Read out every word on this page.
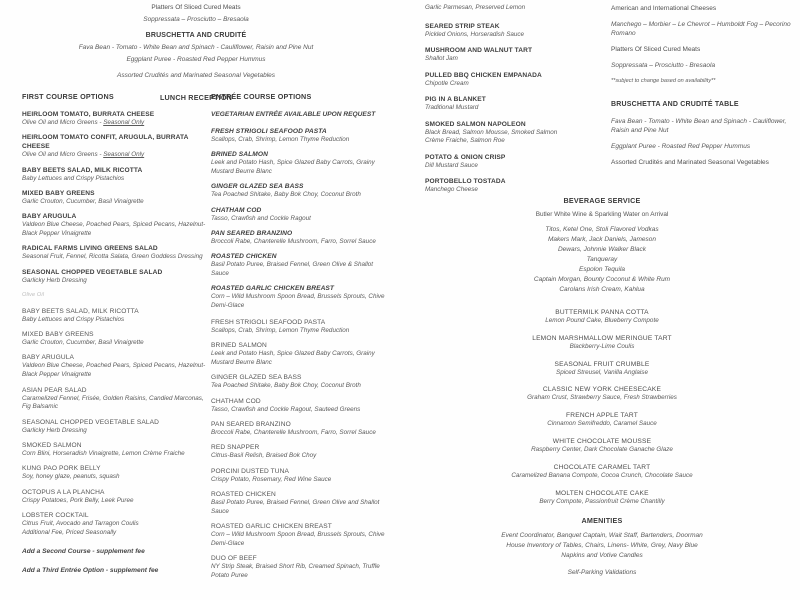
Platters Of Sliced Cured Meats
Soppressata – Prosciutto – Bresaola
BRUSCHETTA AND CRUDITÉ
Fava Bean - Tomato - White Bean and Spinach - Cauliflower, Raisin and Pine Nut
Eggplant Puree - Roasted Red Pepper Hummus
Assorted Crudités and Marinated Seasonal Vegetables
LUNCH RECEPTION
Garlic Parmesan, Preserved Lemon
SEARED STRIP STEAK
Pickled Onions, Horseradish Sauce
MUSHROOM AND WALNUT TART
Shallot Jam
PULLED BBQ CHICKEN EMPANADA
Chipotle Cream
PIG IN A BLANKET
Traditional Mustard
SMOKED SALMON NAPOLEON
Black Bread, Salmon Mousse, Smoked Salmon Crème Fraiche, Salmon Roe
POTATO & ONION CRISP
Dill Mustard Sauce
PORTOBELLO TOSTADA
Manchego Cheese
American and International Cheeses
Manchego – Morbier – Le Chevrot – Humboldt Fog – Pecorino Romano
Platters Of Sliced Cured Meats
Soppressata – Prosciutto - Bresaola
**subject to change based on availability**
BRUSCHETTA AND CRUDITÉ TABLE
Fava Bean - Tomato - White Bean and Spinach - Cauliflower, Raisin and Pine Nut
Eggplant Puree - Roasted Red Pepper Hummus
Assorted Crudités and Marinated Seasonal Vegetables
FIRST COURSE OPTIONS
HEIRLOOM TOMATO, BURRATA CHEESE
Olive Oil and Micro Greens - Seasonal Only
HEIRLOOM TOMATO CONFIT, ARUGULA, BURRATA CHEESE
Olive Oil and Micro Greens - Seasonal Only
BABY BEETS SALAD, MILK RICOTTA
Baby Lettuces and Crispy Pistachios
MIXED BABY GREENS
Garlic Crouton, Cucumber, Basil Vinaigrette
BABY ARUGULA
Valdeon Blue Cheese, Poached Pears, Spiced Pecans, Hazelnut-Black Pepper Vinaigrette
RADICAL FARMS LIVING GREENS SALAD
Seasonal Fruit, Fennel, Ricotta Salata, Green Goddess Dressing
SEASONAL CHOPPED VEGETABLE SALAD
Garlicky Herb Dressing
Olive Oil
BABY BEETS SALAD, MILK RICOTTA
Baby Lettuces and Crispy Pistachios
MIXED BABY GREENS
Garlic Crouton, Cucumber, Basil Vinaigrette
BABY ARUGULA
Valdeon Blue Cheese, Poached Pears, Spiced Pecans, Hazelnut-Black Pepper Vinaigrette
ASIAN PEAR SALAD
Caramelized Fennel, Frisée, Golden Raisins, Candied Marconas, Fig Balsamic
SEASONAL CHOPPED VEGETABLE SALAD
Garlicky Herb Dressing
SMOKED SALMON
Corn Blini, Horseradish Vinaigrette, Lemon Crème Fraiche
KUNG PAO PORK BELLY
Soy, honey glaze, peanuts, squash
OCTOPUS A LA PLANCHA
Crispy Potatoes, Pork Belly, Leek Puree
LOBSTER COCKTAIL
Citrus Fruit, Avocado and Tarragon Coulis
Additional Fee, Priced Seasonally
Add a Second Course - supplement fee
Add a Third Entrée Option - supplement fee
ENTRÉE COURSE OPTIONS
VEGETARIAN ENTRÉE AVAILABLE UPON REQUEST
FRESH STRIGOLI SEAFOOD PASTA
Scallops, Crab, Shrimp, Lemon Thyme Reduction
BRINED SALMON
Leek and Potato Hash, Spice Glazed Baby Carrots, Grainy Mustard Beurre Blanc
GINGER GLAZED SEA BASS
Tea Poached Shitake, Baby Bok Choy, Coconut Broth
CHATHAM COD
Tasso, Crawfish and Cockle Ragout
PAN SEARED BRANZINO
Broccoli Rabe, Chanterelle Mushroom, Farro, Sorrel Sauce
ROASTED CHICKEN
Basil Potato Puree, Braised Fennel, Green Olive & Shallot Sauce
ROASTED GARLIC CHICKEN BREAST
Corn – Wild Mushroom Spoon Bread, Brussels Sprouts, Chive Demi-Glace
FRESH STRIGOLI SEAFOOD PASTA
Scallops, Crab, Shrimp, Lemon Thyme Reduction
BRINED SALMON
Leek and Potato Hash, Spice Glazed Baby Carrots, Grainy Mustard Beurre Blanc
GINGER GLAZED SEA BASS
Tea Poached Shitake, Baby Bok Choy, Coconut Broth
CHATHAM COD
Tasso, Crawfish and Cockle Ragout, Sauteed Greens
PAN SEARED BRANZINO
Broccoli Rabe, Chanterelle Mushroom, Farro, Sorrel Sauce
RED SNAPPER
Citrus-Basil Relish, Braised Bok Choy
PORCINI DUSTED TUNA
Crispy Potato, Rosemary, Red Wine Sauce
ROASTED CHICKEN
Basil Potato Puree, Braised Fennel, Green Olive and Shallot Sauce
ROASTED GARLIC CHICKEN BREAST
Corn – Wild Mushroom Spoon Bread, Brussels Sprouts, Chive Demi-Glace
DUO OF BEEF
NY Strip Steak, Braised Short Rib, Creamed Spinach, Truffle Potato Puree
BEVERAGE SERVICE
Butler White Wine & Sparkling Water on Arrival
Titos, Ketel One, Stoli Flavored Vodkas
Makers Mark, Jack Daniels, Jameson
Dewars, Johnnie Walker Black
Tanqueray
Espolon Tequila
Captain Morgan, Bounty Coconut & White Rum
Carolans Irish Cream, Kahlua
BUTTERMILK PANNA COTTA
Lemon Pound Cake, Blueberry Compote
LEMON MARSHMALLOW MERINGUE TART
Blackberry-Lime Coulis
SEASONAL FRUIT CRUMBLE
Spiced Streusel, Vanilla Anglaise
CLASSIC NEW YORK CHEESECAKE
Graham Crust, Strawberry Sauce, Fresh Strawberries
FRENCH APPLE TART
Cinnamon Semifreddo, Caramel Sauce
WHITE CHOCOLATE MOUSSE
Raspberry Center, Dark Chocolate Ganache Glaze
CHOCOLATE CARAMEL TART
Caramelized Banana Compote, Cocoa Crunch, Chocolate Sauce
MOLTEN CHOCOLATE CAKE
Berry Compote, Passionfruit Crème Chantilly
AMENITIES
Event Coordinator, Banquet Captain, Wait Staff, Bartenders, Doorman
House Inventory of Tables, Chairs, Linens- White, Grey, Navy Blue
Napkins and Votive Candles
Self-Parking Validations
